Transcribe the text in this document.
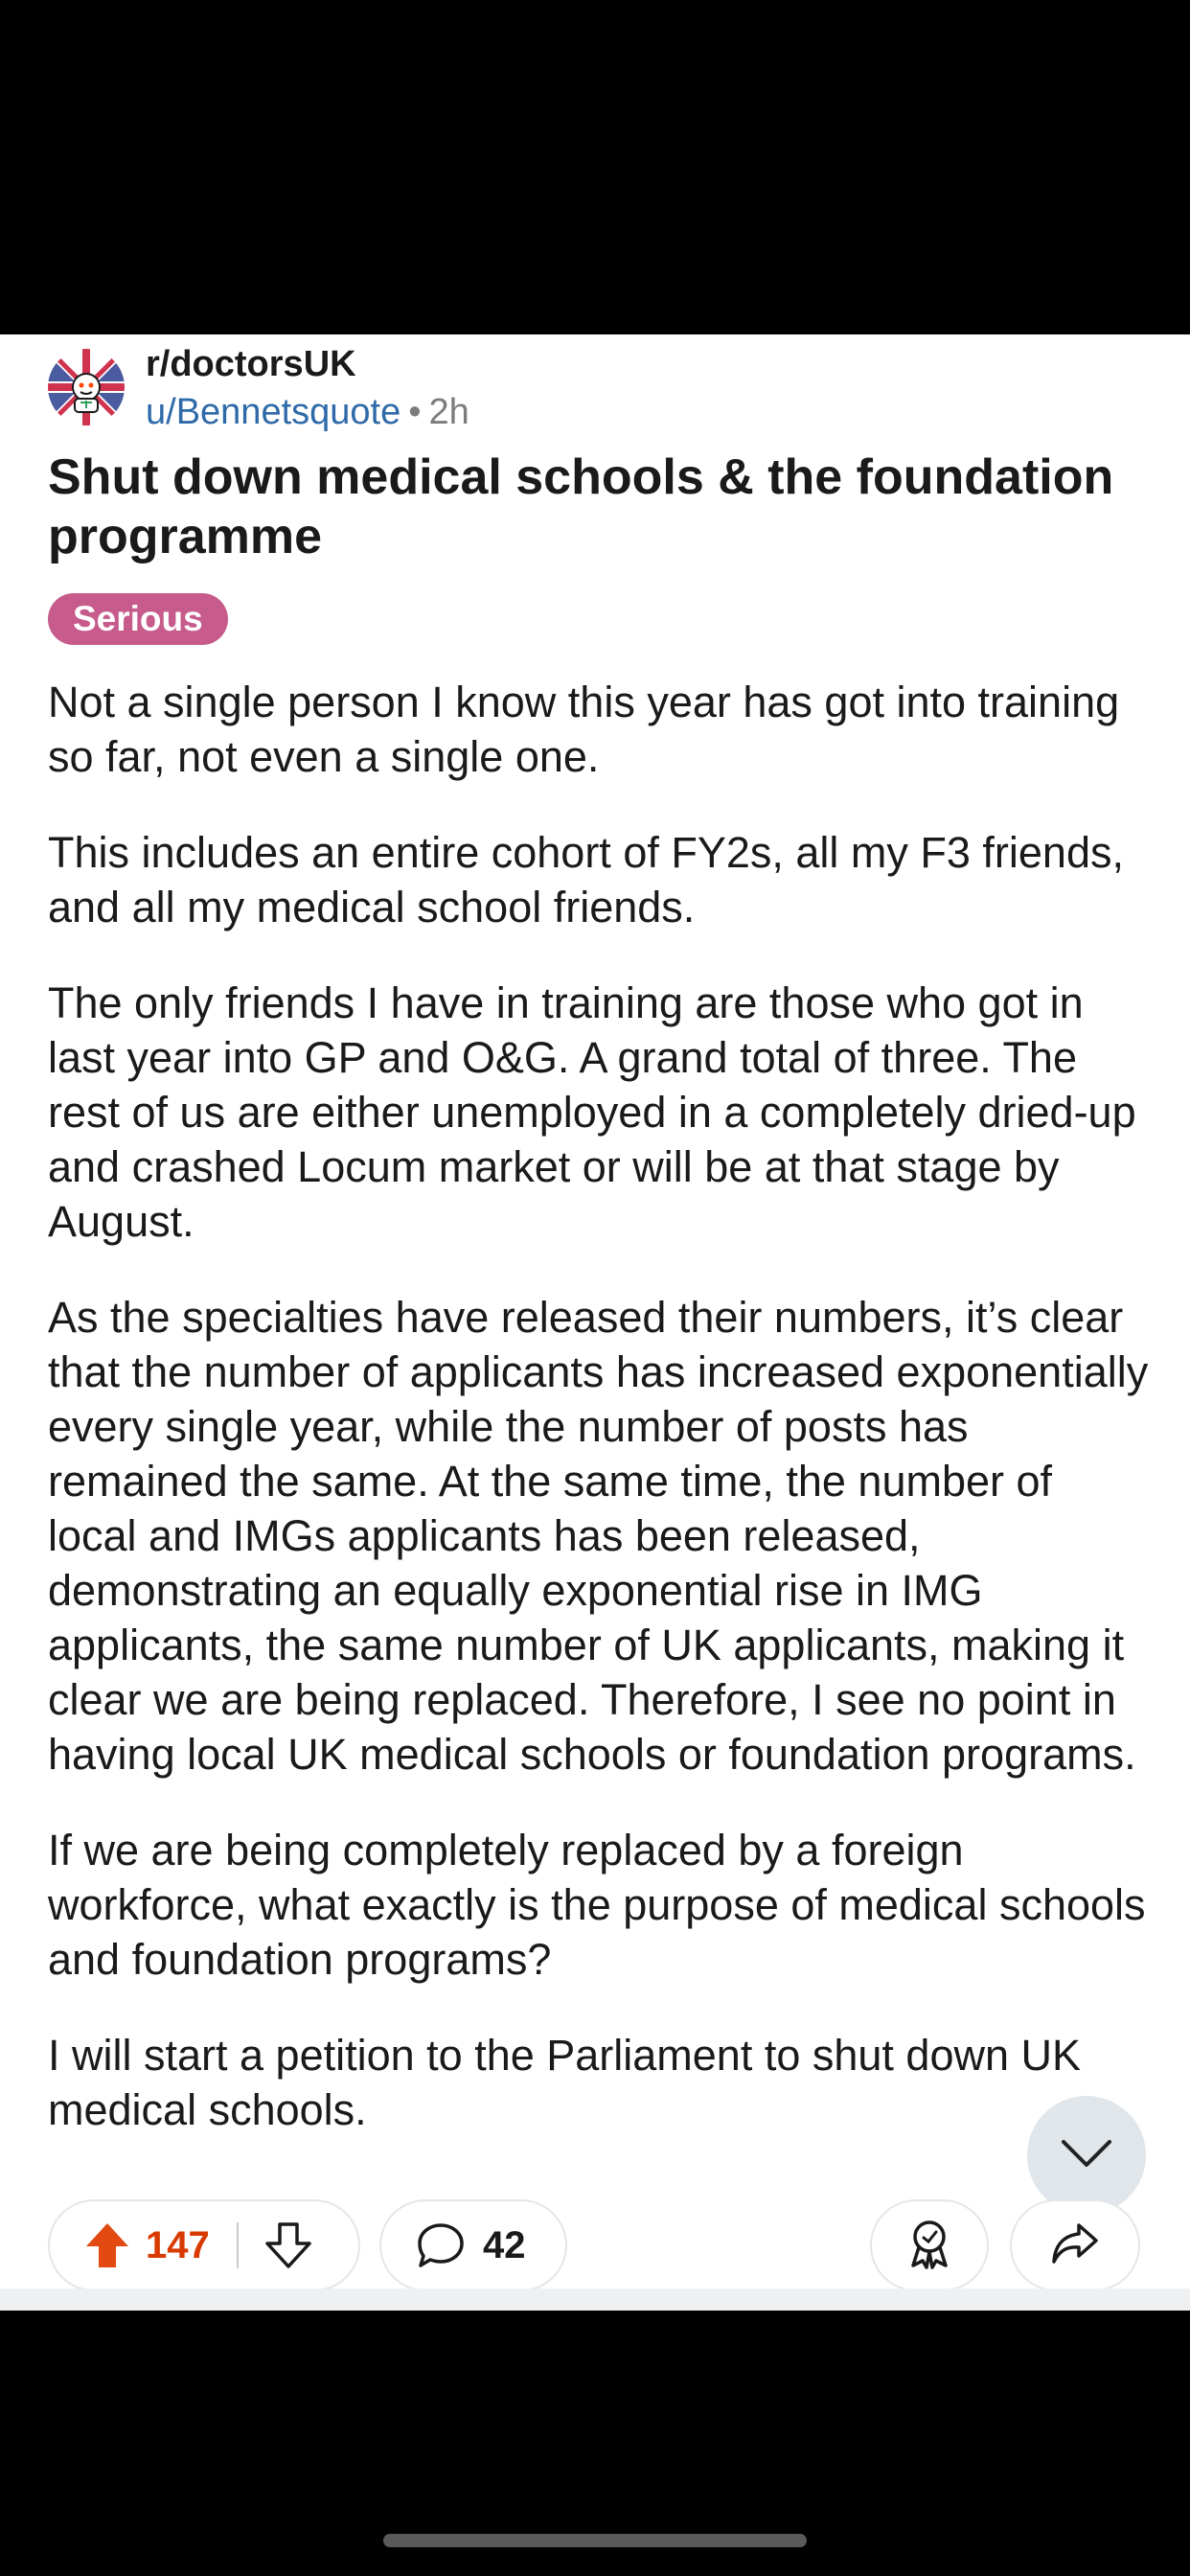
r/doctorsUK
u/Bennetsquote • 2h
Shut down medical schools & the foundation programme
Serious

Not a single person I know this year has got into training so far, not even a single one.

This includes an entire cohort of FY2s, all my F3 friends, and all my medical school friends.

The only friends I have in training are those who got in last year into GP and O&G. A grand total of three. The rest of us are either unemployed in a completely dried-up and crashed Locum market or will be at that stage by August.

As the specialties have released their numbers, it’s clear that the number of applicants has increased exponentially every single year, while the number of posts has remained the same. At the same time, the number of local and IMGs applicants has been released, demonstrating an equally exponential rise in IMG applicants, the same number of UK applicants, making it clear we are being replaced. Therefore, I see no point in having local UK medical schools or foundation programs.

If we are being completely replaced by a foreign workforce, what exactly is the purpose of medical schools and foundation programs?

I will start a petition to the Parliament to shut down UK medical schools.

147	42
